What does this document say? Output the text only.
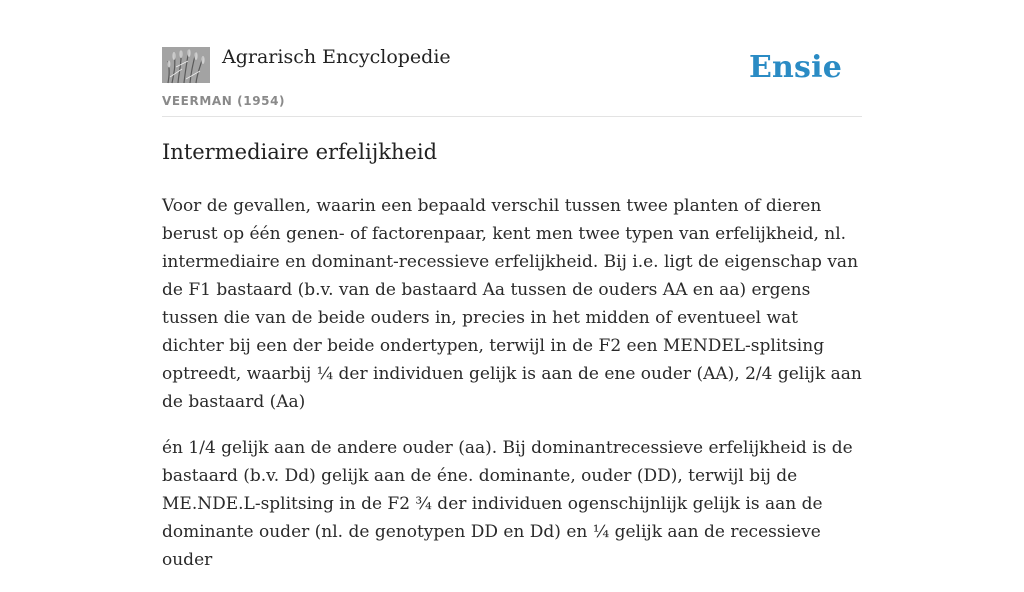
Agrarisch Encyclopedie	Ensie
VEERMAN (1954)
Intermediaire erfelijkheid

Voor de gevallen, waarin een bepaald verschil tussen twee planten of dieren berust op één genen- of factorenpaar, kent men twee typen van erfelijkheid, nl. intermediaire en dominant-recessieve erfelijkheid. Bij i.e. ligt de eigenschap van de F1 bastaard (b.v. van de bastaard Aa tussen de ouders AA en aa) ergens tussen die van de beide ouders in, precies in het midden of eventueel wat dichter bij een der beide ondertypen, terwijl in de F2 een MENDEL-splitsing optreedt, waarbij ¼ der individuen gelijk is aan de ene ouder (AA), 2/4 gelijk aan de bastaard (Aa)

én 1/4 gelijk aan de andere ouder (aa). Bij dominantrecessieve erfelijkheid is de bastaard (b.v. Dd) gelijk aan de éne. dominante, ouder (DD), terwijl bij de ME.NDE.L-splitsing in de F2 ¾ der individuen ogenschijnlijk gelijk is aan de dominante ouder (nl. de genotypen DD en Dd) en ¼ gelijk aan de recessieve ouder
